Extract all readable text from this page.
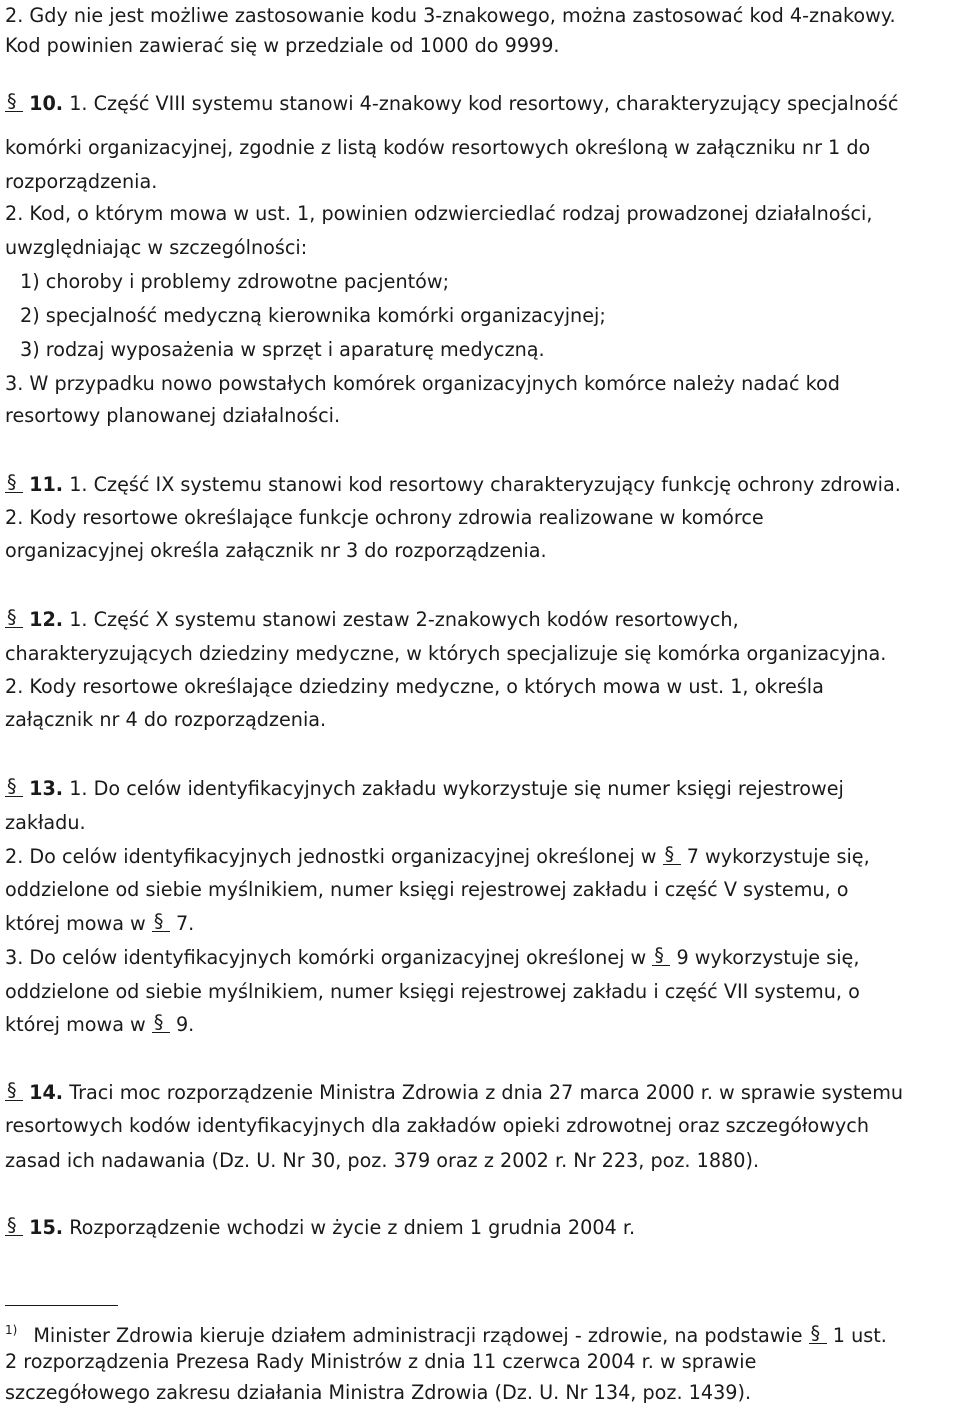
2. Gdy nie jest możliwe zastosowanie kodu 3-znakowego, można zastosować kod 4-znakowy.
Kod powinien zawierać się w przedziale od 1000 do 9999.
§ 10. 1. Część VIII systemu stanowi 4-znakowy kod resortowy, charakteryzujący specjalność
komórki organizacyjnej, zgodnie z listą kodów resortowych określoną w załączniku nr 1 do
rozporządzenia.
2. Kod, o którym mowa w ust. 1, powinien odzwierciedlać rodzaj prowadzonej działalności,
uwzględniając w szczególności:
1) choroby i problemy zdrowotne pacjentów;
2) specjalność medyczną kierownika komórki organizacyjnej;
3) rodzaj wyposażenia w sprzęt i aparaturę medyczną.
3. W przypadku nowo powstałych komórek organizacyjnych komórce należy nadać kod
resortowy planowanej działalności.
§ 11. 1. Część IX systemu stanowi kod resortowy charakteryzujący funkcję ochrony zdrowia.
2. Kody resortowe określające funkcje ochrony zdrowia realizowane w komórce
organizacyjnej określa załącznik nr 3 do rozporządzenia.
§ 12. 1. Część X systemu stanowi zestaw 2-znakowych kodów resortowych,
charakteryzujących dziedziny medyczne, w których specjalizuje się komórka organizacyjna.
2. Kody resortowe określające dziedziny medyczne, o których mowa w ust. 1, określa
załącznik nr 4 do rozporządzenia.
§ 13. 1. Do celów identyfikacyjnych zakładu wykorzystuje się numer księgi rejestrowej
zakładu.
2. Do celów identyfikacyjnych jednostki organizacyjnej określonej w § 7 wykorzystuje się,
oddzielone od siebie myślnikiem, numer księgi rejestrowej zakładu i część V systemu, o
której mowa w § 7.
3. Do celów identyfikacyjnych komórki organizacyjnej określonej w § 9 wykorzystuje się,
oddzielone od siebie myślnikiem, numer księgi rejestrowej zakładu i część VII systemu, o
której mowa w § 9.
§ 14. Traci moc rozporządzenie Ministra Zdrowia z dnia 27 marca 2000 r. w sprawie systemu
resortowych kodów identyfikacyjnych dla zakładów opieki zdrowotnej oraz szczegółowych
zasad ich nadawania (Dz. U. Nr 30, poz. 379 oraz z 2002 r. Nr 223, poz. 1880).
§ 15. Rozporządzenie wchodzi w życie z dniem 1 grudnia 2004 r.
$^{1)}$ Minister Zdrowia kieruje działem administracji rządowej - zdrowie, na podstawie § 1 ust.
2 rozporządzenia Prezesa Rady Ministrów z dnia 11 czerwca 2004 r. w sprawie
szczegółowego zakresu działania Ministra Zdrowia (Dz. U. Nr 134, poz. 1439).
